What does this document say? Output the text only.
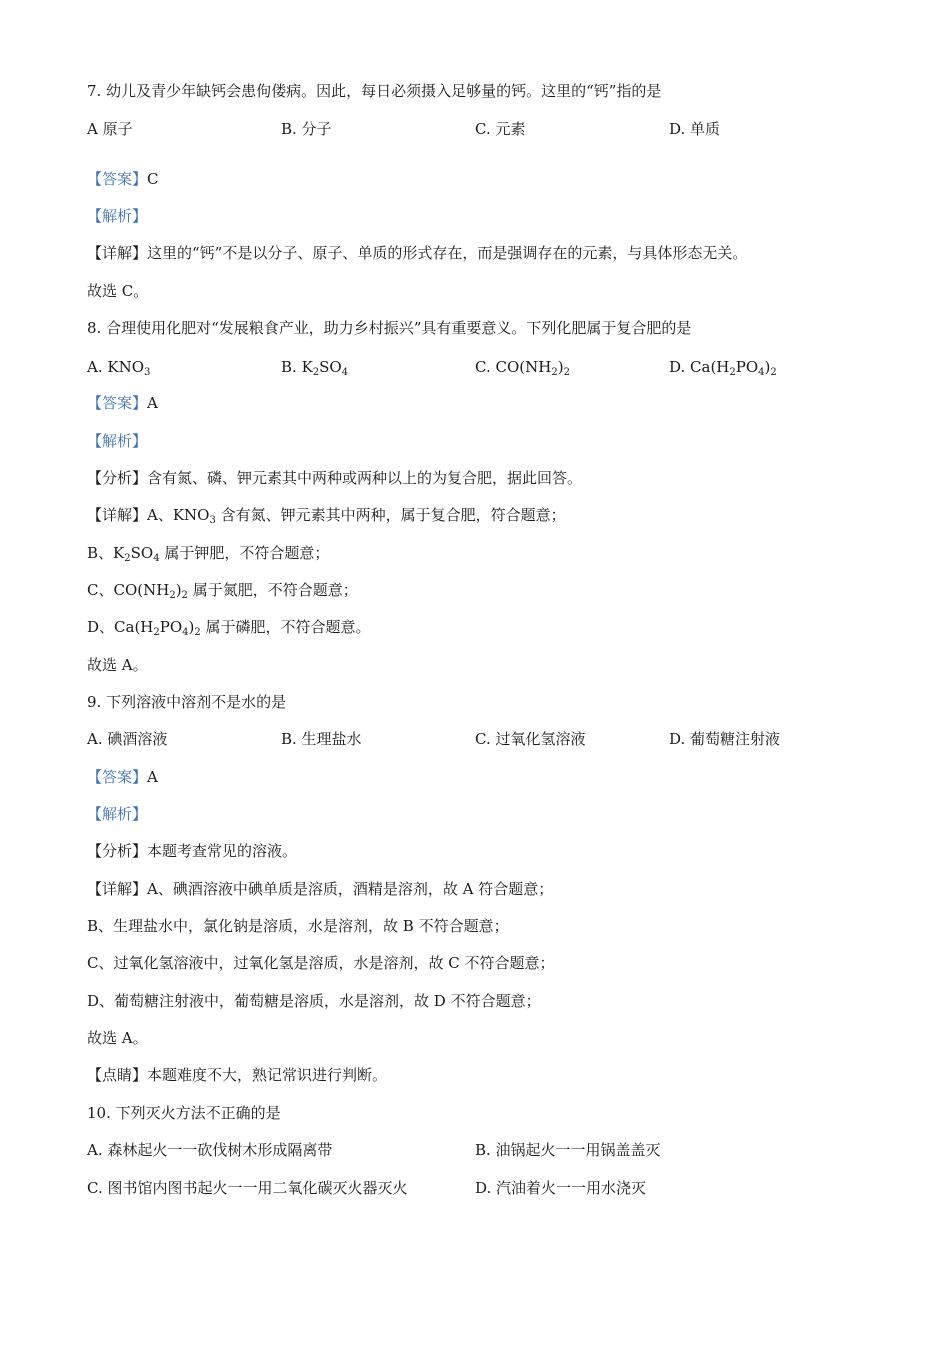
7. 幼儿及青少年缺钙会患佝偻病。因此，每日必须摄入足够量的钙。这里的“钙”指的是
A 原子	B. 分子	C. 元素	D. 单质
【答案】C
【解析】
【详解】这里的“钙”不是以分子、原子、单质的形式存在，而是强调存在的元素，与具体形态无关。
故选 C。
8. 合理使用化肥对“发展粮食产业，助力乡村振兴”具有重要意义。下列化肥属于复合肥的是
A. $KNO_3$	B. $K_2SO_4$	C. $CO(NH_2)_2$	D. $Ca(H_2PO_4)_2$
【答案】A
【解析】
【分析】含有氮、磷、钾元素其中两种或两种以上的为复合肥，据此回答。
【详解】A、$KNO_3$ 含有氮、钾元素其中两种，属于复合肥，符合题意；
B、$K_2SO_4$ 属于钾肥，不符合题意；
C、$CO(NH_2)_2$ 属于氮肥，不符合题意；
D、$Ca(H_2PO_4)_2$ 属于磷肥，不符合题意。
故选 A。
9. 下列溶液中溶剂不是水的是
A. 碘酒溶液	B. 生理盐水	C. 过氧化氢溶液	D. 葡萄糖注射液
【答案】A
【解析】
【分析】本题考查常见的溶液。
【详解】A、碘酒溶液中碘单质是溶质，酒精是溶剂，故 A 符合题意；
B、生理盐水中，氯化钠是溶质，水是溶剂，故 B 不符合题意；
C、过氧化氢溶液中，过氧化氢是溶质，水是溶剂，故 C 不符合题意；
D、葡萄糖注射液中，葡萄糖是溶质，水是溶剂，故 D 不符合题意；
故选 A。
【点睛】本题难度不大，熟记常识进行判断。
10. 下列灭火方法不正确的是
A. 森林起火一一砍伐树木形成隔离带	B. 油锅起火一一用锅盖盖灭
C. 图书馆内图书起火一一用二氧化碳灭火器灭火	D. 汽油着火一一用水浇灭
